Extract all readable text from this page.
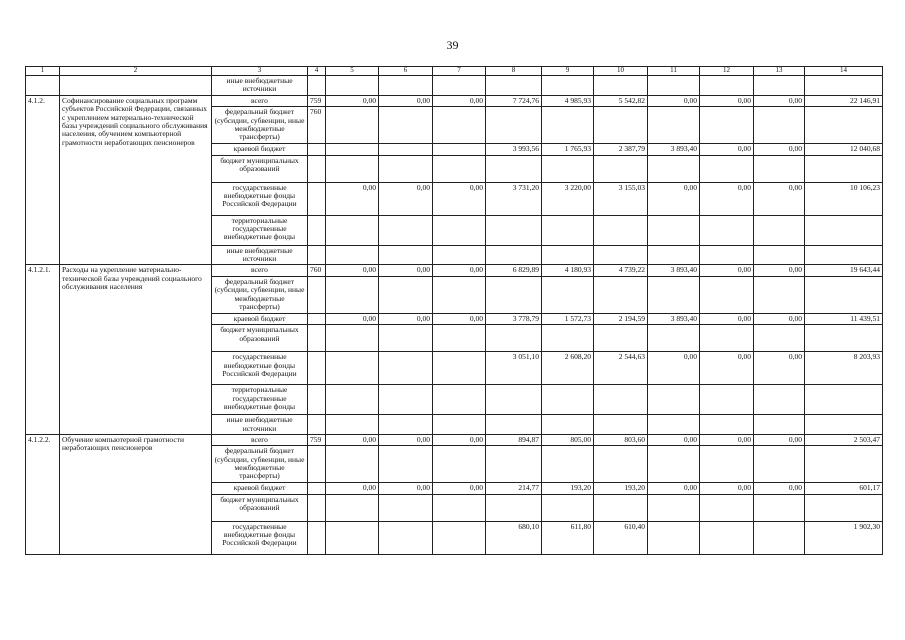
39
1	2	3	4	5	6	7	8	9	10	11	12	13	14
		иные внебюджетные источники											
4.1.2.	Софинансирование социальных программ субъектов Российской Федерации, связанных с укреплением материально-технической базы учреждений социального обслуживания населения, обучением компьютерной грамотности неработающих пенсионеров	всего	759	0,00	0,00	0,00	7 724,76	4 985,93	5 542,82	0,00	0,00	0,00	22 146,91
		федеральный бюджет (субсидии, субвенции, иные межбюджетные трансферты)	760										
		краевой бюджет					3 993,56	1 765,93	2 387,79	3 893,40	0,00	0,00	12 040,68
		бюджет муниципальных образований											
		государственные внебюджетные фонды Российской Федерации		0,00	0,00	0,00	3 731,20	3 220,00	3 155,03	0,00	0,00	0,00	10 106,23
		территориальные государственные внебюджетные фонды											
		иные внебюджетные источники											
4.1.2.1.	Расходы на укрепление материально-технической базы учреждений социального обслуживания населения	всего	760	0,00	0,00	0,00	6 829,89	4 180,93	4 739,22	3 893,40	0,00	0,00	19 643,44
		федеральный бюджет (субсидии, субвенции, иные межбюджетные трансферты)											
		краевой бюджет		0,00	0,00	0,00	3 778,79	1 572,73	2 194,59	3 893,40	0,00	0,00	11 439,51
		бюджет муниципальных образований											
		государственные внебюджетные фонды Российской Федерации					3 051,10	2 608,20	2 544,63	0,00	0,00	0,00	8 203,93
		территориальные государственные внебюджетные фонды											
		иные внебюджетные источники											
4.1.2.2.	Обучение компьютерной грамотности неработающих пенсионеров	всего	759	0,00	0,00	0,00	894,87	805,00	803,60	0,00	0,00	0,00	2 503,47
		федеральный бюджет (субсидии, субвенции, иные межбюджетные трансферты)											
		краевой бюджет		0,00	0,00	0,00	214,77	193,20	193,20	0,00	0,00	0,00	601,17
		бюджет муниципальных образований											
		государственные внебюджетные фонды Российской Федерации					680,10	611,80	610,40				1 902,30
